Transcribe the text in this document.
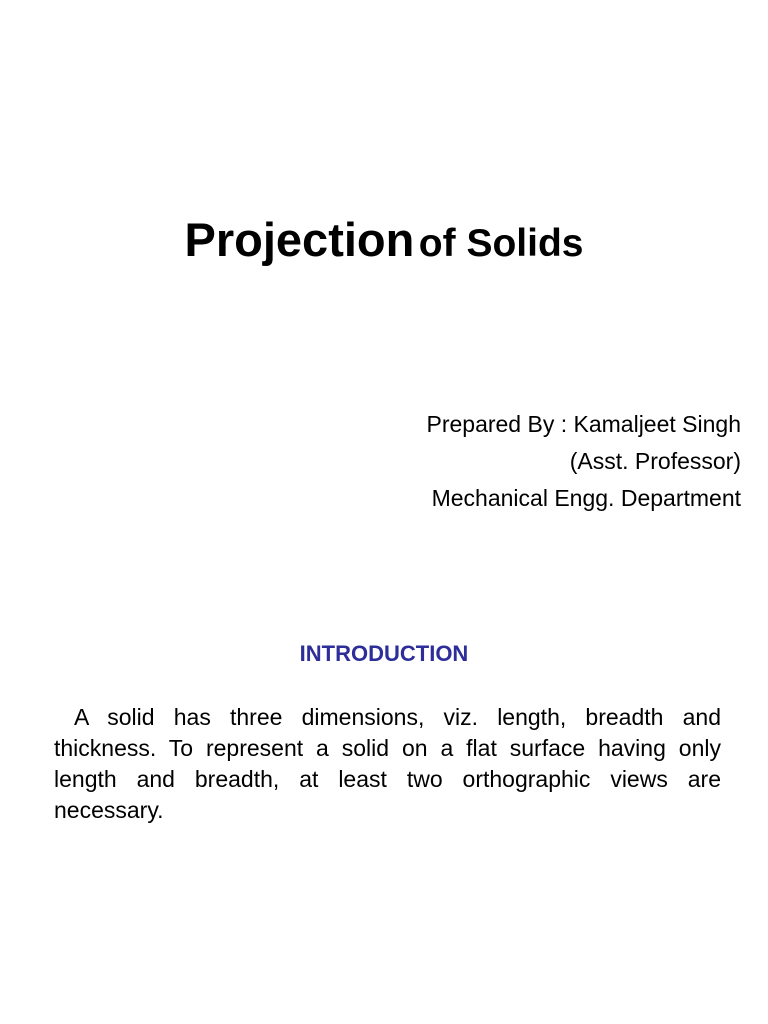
Projection of Solids
Prepared By : Kamaljeet Singh
(Asst. Professor)
Mechanical Engg. Department
INTRODUCTION
A solid has three dimensions, viz. length, breadth and thickness. To represent a solid on a flat surface having only length and breadth, at least two orthographic views are necessary.
